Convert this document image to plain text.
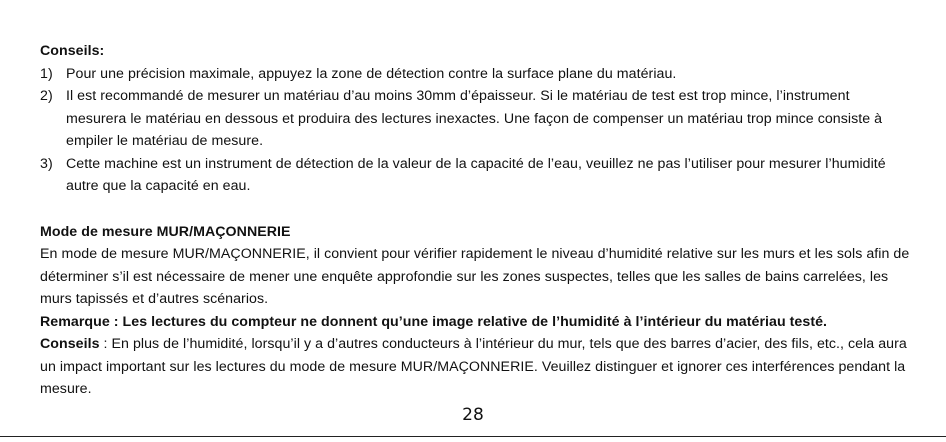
Conseils:
1) Pour une précision maximale, appuyez la zone de détection contre la surface plane du matériau.
2) Il est recommandé de mesurer un matériau d’au moins 30mm d’épaisseur. Si le matériau de test est trop mince, l’instrument mesurera le matériau en dessous et produira des lectures inexactes. Une façon de compenser un matériau trop mince consiste à empiler le matériau de mesure.
3) Cette machine est un instrument de détection de la valeur de la capacité de l’eau, veuillez ne pas l’utiliser pour mesurer l’humidité autre que la capacité en eau.
Mode de mesure MUR/MAÇONNERIE

En mode de mesure MUR/MAÇONNERIE, il convient pour vérifier rapidement le niveau d’humidité relative sur les murs et les sols afin de déterminer s’il est nécessaire de mener une enquête approfondie sur les zones suspectes, telles que les salles de bains carrelées, les murs tapissés et d’autres scénarios.

Remarque : Les lectures du compteur ne donnent qu’une image relative de l’humidité à l’intérieur du matériau testé.

Conseils : En plus de l’humidité, lorsqu’il y a d’autres conducteurs à l’intérieur du mur, tels que des barres d’acier, des fils, etc., cela aura un impact important sur les lectures du mode de mesure MUR/MAÇONNERIE. Veuillez distinguer et ignorer ces interférences pendant la mesure.

28
